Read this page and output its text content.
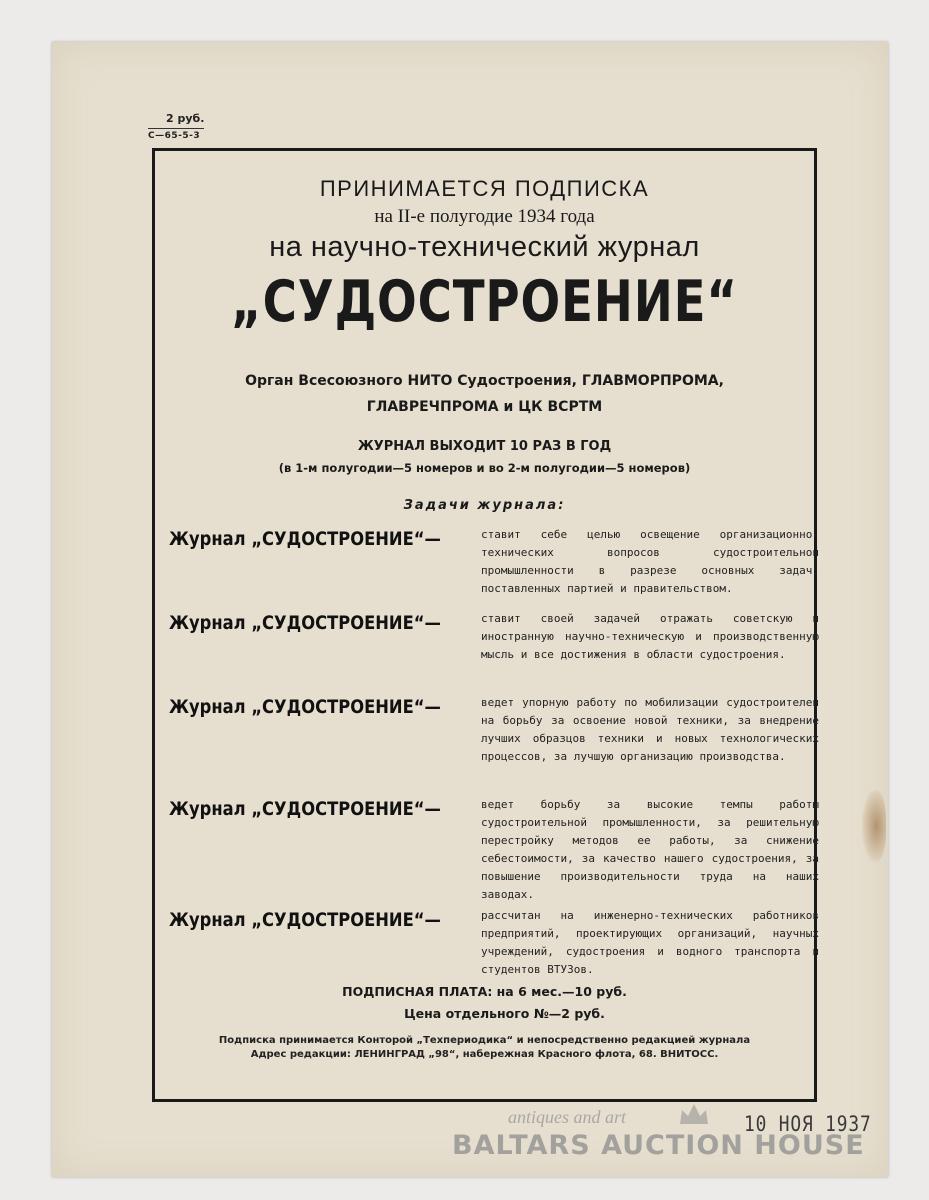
2 руб.
С—65-5-3
ПРИНИМАЕТСЯ ПОДПИСКА
на II-е полугодие 1934 года
на научно-технический журнал
„СУДОСТРОЕНИЕ“
Орган Всесоюзного НИТО Судостроения, ГЛАВМОРПРОМА,
ГЛАВРЕЧПРОМА и ЦК ВСРТМ
ЖУРНАЛ ВЫХОДИТ 10 РАЗ В ГОД
(в 1-м полугодии—5 номеров и во 2-м полугодии—5 номеров)
Задачи журнала:
Журнал „СУДОСТРОЕНИЕ“—	ставит себе целью освещение организационно-технических вопросов судостроительной промышленности в разрезе основных задач, поставленных партией и правительством.
Журнал „СУДОСТРОЕНИЕ“—	ставит своей задачей отражать советскую и иностранную научно-техническую и производственную мысль и все достижения в области судостроения.
Журнал „СУДОСТРОЕНИЕ“—	ведет упорную работу по мобилизации судостроителей на борьбу за освоение новой техники, за внедрение лучших образцов техники и новых технологических процессов, за лучшую организацию производства.
Журнал „СУДОСТРОЕНИЕ“—	ведет борьбу за высокие темпы работы судостроительной промышленности, за решительную перестройку методов ее работы, за снижение себестоимости, за качество нашего судостроения, за повышение производительности труда на наших заводах.
Журнал „СУДОСТРОЕНИЕ“—	рассчитан на инженерно-технических работников предприятий, проектирующих организаций, научных учреждений, судостроения и водного транспорта и студентов ВТУЗов.
ПОДПИСНАЯ ПЛАТА: на 6 мес.—10 руб.
Цена отдельного №—2 руб.
Подписка принимается Конторой „Техпериодика“ и непосредственно редакцией журнала
Адрес редакции: ЛЕНИНГРАД „98“, набережная Красного флота, 68. ВНИТОСС.
10 НОЯ 1937
antiques and art
BALTARS AUCTION HOUSE
